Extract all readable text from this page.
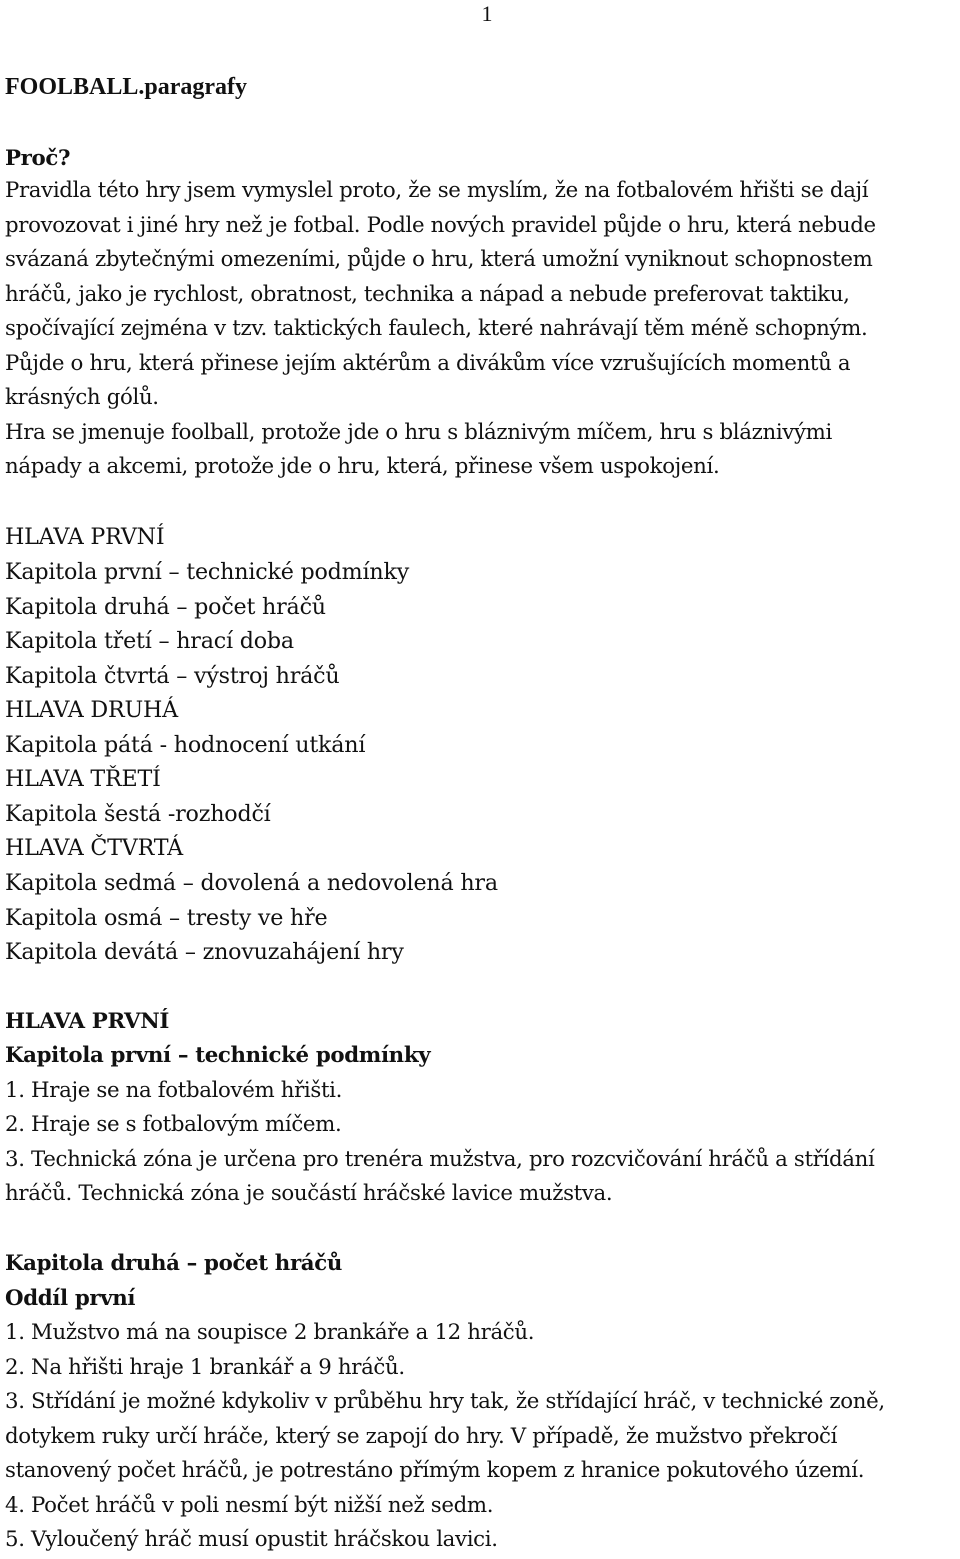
1
FOOLBALL.paragrafy
Proč?
Pravidla této hry jsem vymyslel proto, že se myslím, že na fotbalovém hřišti se dají
provozovat i jiné hry než je fotbal. Podle nových pravidel půjde o hru, která nebude
svázaná zbytečnými omezeními, půjde o hru, která umožní vyniknout schopnostem
hráčů, jako je rychlost, obratnost, technika a nápad a nebude preferovat taktiku,
spočívající zejména v tzv. taktických faulech, které nahrávají těm méně schopným.
Půjde o hru, která přinese jejím aktérům a divákům více vzrušujících momentů a
krásných gólů.
Hra se jmenuje foolball, protože jde o hru s bláznivým míčem, hru s bláznivými
nápady a akcemi, protože jde o hru, která, přinese všem uspokojení.
HLAVA PRVNÍ
Kapitola první – technické podmínky
Kapitola druhá – počet hráčů
Kapitola třetí – hrací doba
Kapitola čtvrtá – výstroj hráčů
HLAVA DRUHÁ
Kapitola pátá - hodnocení utkání
HLAVA TŘETÍ
Kapitola šestá -rozhodčí
HLAVA ČTVRTÁ
Kapitola sedmá – dovolená a nedovolená hra
Kapitola osmá – tresty ve hře
Kapitola devátá – znovuzahájení hry
HLAVA PRVNÍ
Kapitola první – technické podmínky
1. Hraje se na fotbalovém hřišti.
2. Hraje se s fotbalovým míčem.
3. Technická zóna je určena pro trenéra mužstva, pro rozcvičování hráčů a střídání
hráčů. Technická zóna je součástí hráčské lavice mužstva.
Kapitola druhá – počet hráčů
Oddíl první
1. Mužstvo má na soupisce 2 brankáře a 12 hráčů.
2. Na hřišti hraje 1 brankář a 9 hráčů.
3. Střídání je možné kdykoliv v průběhu hry tak, že střídající hráč, v technické zoně,
dotykem ruky určí hráče, který se zapojí do hry. V případě, že mužstvo překročí
stanovený počet hráčů, je potrestáno přímým kopem z hranice pokutového území.
4. Počet hráčů v poli nesmí být nižší než sedm.
5. Vyloučený hráč musí opustit hráčskou lavici.
